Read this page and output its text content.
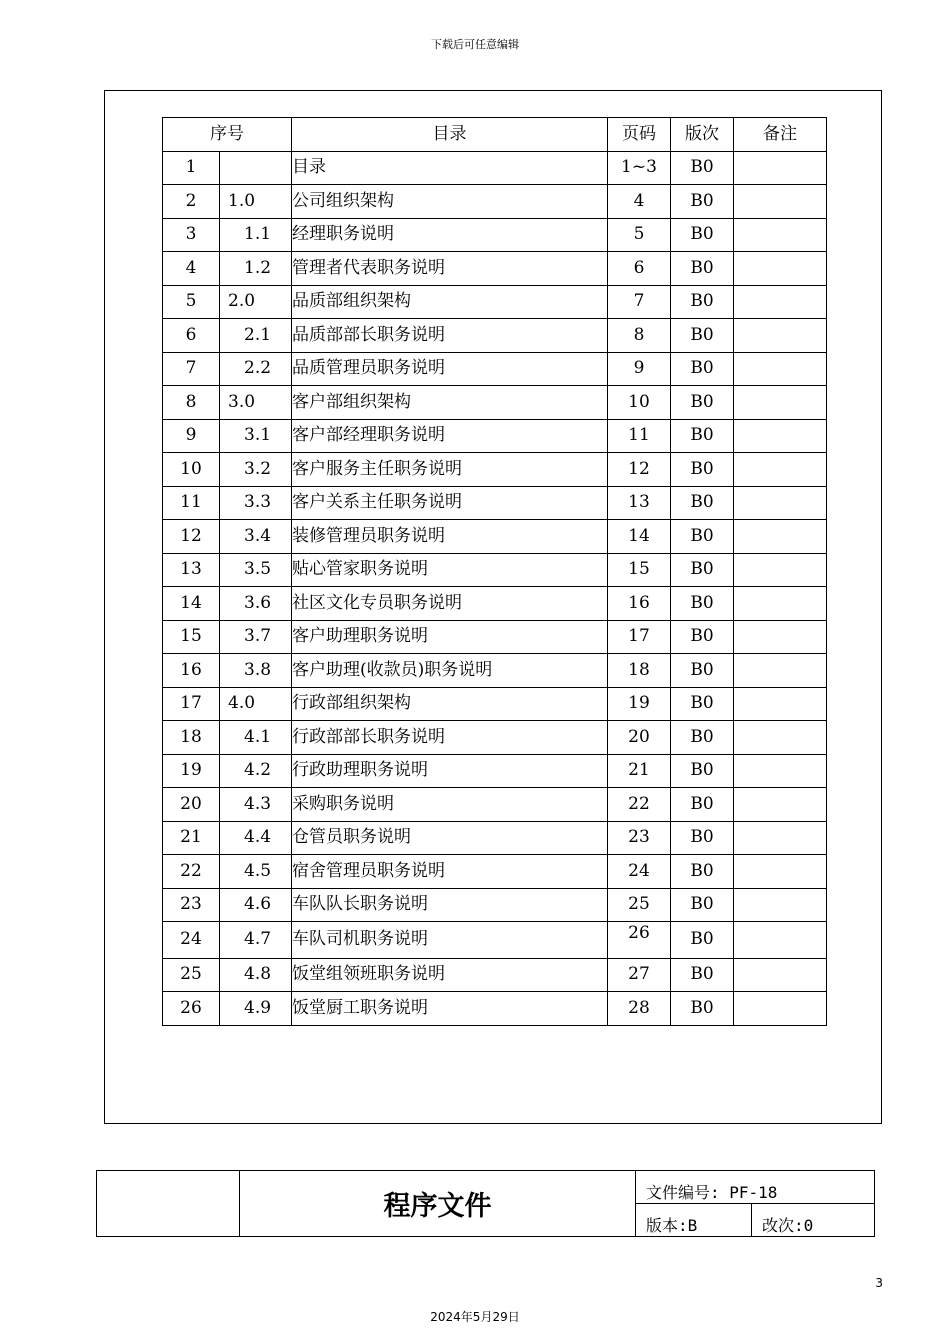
下载后可任意编辑
序号		目录	页码	版次	备注
1		目录	1~3	B0	
2	1.0	公司组织架构	4	B0	
3	1.1	经理职务说明	5	B0	
4	1.2	管理者代表职务说明	6	B0	
5	2.0	品质部组织架构	7	B0	
6	2.1	品质部部长职务说明	8	B0	
7	2.2	品质管理员职务说明	9	B0	
8	3.0	客户部组织架构	10	B0	
9	3.1	客户部经理职务说明	11	B0	
10	3.2	客户服务主任职务说明	12	B0	
11	3.3	客户关系主任职务说明	13	B0	
12	3.4	装修管理员职务说明	14	B0	
13	3.5	贴心管家职务说明	15	B0	
14	3.6	社区文化专员职务说明	16	B0	
15	3.7	客户助理职务说明	17	B0	
16	3.8	客户助理(收款员)职务说明	18	B0	
17	4.0	行政部组织架构	19	B0	
18	4.1	行政部部长职务说明	20	B0	
19	4.2	行政助理职务说明	21	B0	
20	4.3	采购职务说明	22	B0	
21	4.4	仓管员职务说明	23	B0	
22	4.5	宿舍管理员职务说明	24	B0	
23	4.6	车队队长职务说明	25	B0	
24	4.7	车队司机职务说明	26	B0	
25	4.8	饭堂组领班职务说明	27	B0	
26	4.9	饭堂厨工职务说明	28	B0	
程序文件	文件编号: PF-18
版本:B	改次:0
3
2024年5月29日
